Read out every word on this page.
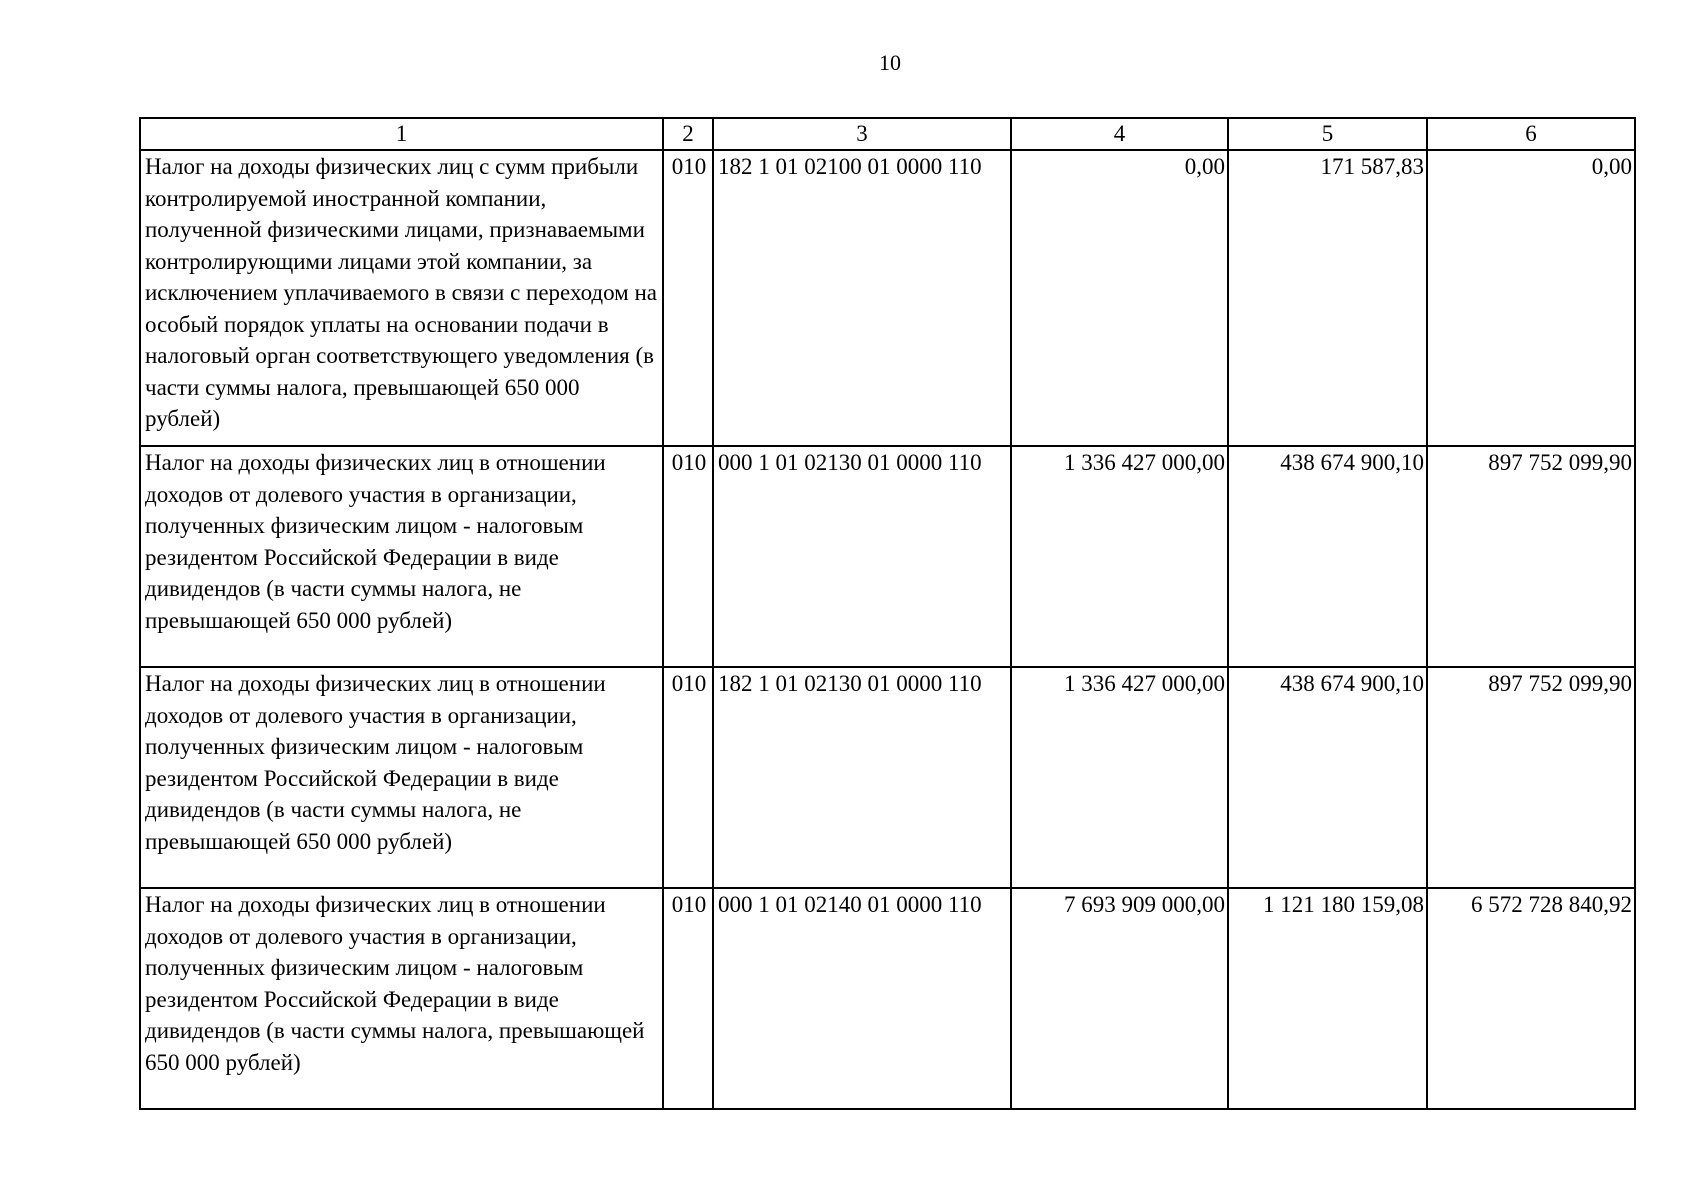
10
1	2	3	4	5	6
Налог на доходы физических лиц с сумм прибыли контролируемой иностранной компании, полученной физическими лицами, признаваемыми контролирующими лицами этой компании, за исключением уплачиваемого в связи с переходом на особый порядок уплаты на основании подачи в налоговый орган соответствующего уведомления (в части суммы налога, превышающей 650 000 рублей)	010	182 1 01 02100 01 0000 110	0,00	171 587,83	0,00
Налог на доходы физических лиц в отношении доходов от долевого участия в организации, полученных физическим лицом - налоговым резидентом Российской Федерации в виде дивидендов (в части суммы налога, не превышающей 650 000 рублей)	010	000 1 01 02130 01 0000 110	1 336 427 000,00	438 674 900,10	897 752 099,90
Налог на доходы физических лиц в отношении доходов от долевого участия в организации, полученных физическим лицом - налоговым резидентом Российской Федерации в виде дивидендов (в части суммы налога, не превышающей 650 000 рублей)	010	182 1 01 02130 01 0000 110	1 336 427 000,00	438 674 900,10	897 752 099,90
Налог на доходы физических лиц в отношении доходов от долевого участия в организации, полученных физическим лицом - налоговым резидентом Российской Федерации в виде дивидендов (в части суммы налога, превышающей 650 000 рублей)	010	000 1 01 02140 01 0000 110	7 693 909 000,00	1 121 180 159,08	6 572 728 840,92
